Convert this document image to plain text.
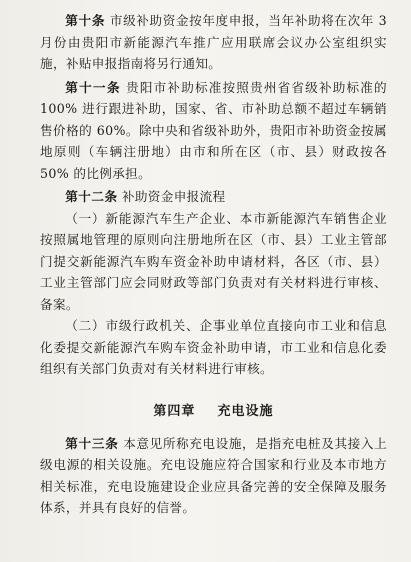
第十条 市级补助资金按年度申报，当年补助将在次年 3 月份由贵阳市新能源汽车推广应用联席会议办公室组织实施，补贴申报指南将另行通知。

第十一条 贵阳市补助标准按照贵州省省级补助标准的 100% 进行跟进补助，国家、省、市补助总额不超过车辆销售价格的 60%。除中央和省级补助外，贵阳市补助资金按属地原则（车辆注册地）由市和所在区（市、县）财政按各 50% 的比例承担。

第十二条 补助资金申报流程

（一）新能源汽车生产企业、本市新能源汽车销售企业按照属地管理的原则向注册地所在区（市、县）工业主管部门提交新能源汽车购车资金补助申请材料，各区（市、县）工业主管部门应会同财政等部门负责对有关材料进行审核、备案。

（二）市级行政机关、企事业单位直接向市工业和信息化委提交新能源汽车购车资金补助申请，市工业和信息化委组织有关部门负责对有关材料进行审核。

第四章 充电设施

第十三条 本意见所称充电设施，是指充电桩及其接入上级电源的相关设施。充电设施应符合国家和行业及本市地方相关标准，充电设施建设企业应具备完善的安全保障及服务体系，并具有良好的信誉。
